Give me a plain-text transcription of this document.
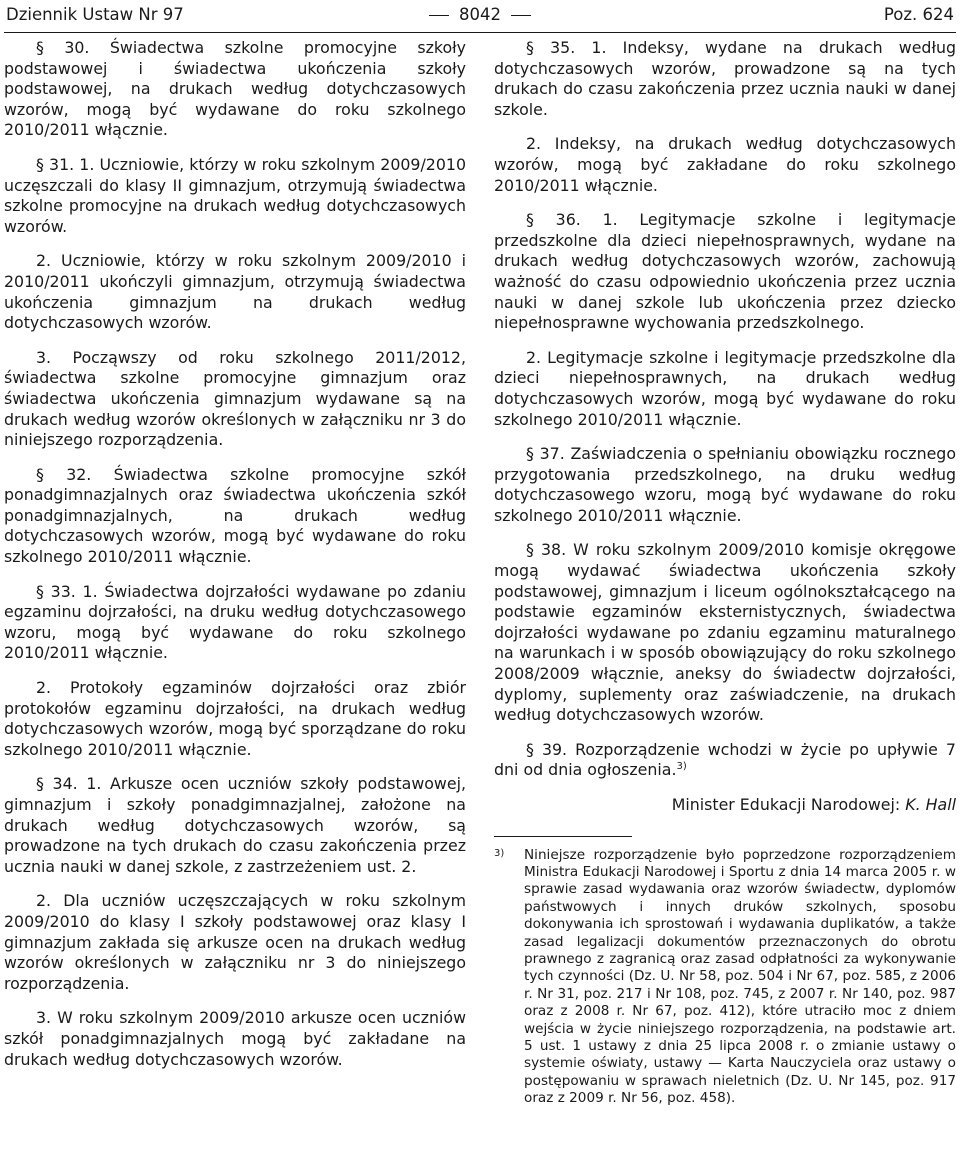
Dziennik Ustaw Nr 97	8042	Poz. 624

§ 30. Świadectwa szkolne promocyjne szkoły podstawowej i świadectwa ukończenia szkoły podstawowej, na drukach według dotychczasowych wzorów, mogą być wydawane do roku szkolnego 2010/2011 włącznie.

§ 31. 1. Uczniowie, którzy w roku szkolnym 2009/2010 uczęszczali do klasy II gimnazjum, otrzymują świadectwa szkolne promocyjne na drukach według dotychczasowych wzorów.

2. Uczniowie, którzy w roku szkolnym 2009/2010 i 2010/2011 ukończyli gimnazjum, otrzymują świadectwa ukończenia gimnazjum na drukach według dotychczasowych wzorów.

3. Począwszy od roku szkolnego 2011/2012, świadectwa szkolne promocyjne gimnazjum oraz świadectwa ukończenia gimnazjum wydawane są na drukach według wzorów określonych w załączniku nr 3 do niniejszego rozporządzenia.

§ 32. Świadectwa szkolne promocyjne szkół ponadgimnazjalnych oraz świadectwa ukończenia szkół ponadgimnazjalnych, na drukach według dotychczasowych wzorów, mogą być wydawane do roku szkolnego 2010/2011 włącznie.

§ 33. 1. Świadectwa dojrzałości wydawane po zdaniu egzaminu dojrzałości, na druku według dotychczasowego wzoru, mogą być wydawane do roku szkolnego 2010/2011 włącznie.

2. Protokoły egzaminów dojrzałości oraz zbiór protokołów egzaminu dojrzałości, na drukach według dotychczasowych wzorów, mogą być sporządzane do roku szkolnego 2010/2011 włącznie.

§ 34. 1. Arkusze ocen uczniów szkoły podstawowej, gimnazjum i szkoły ponadgimnazjalnej, założone na drukach według dotychczasowych wzorów, są prowadzone na tych drukach do czasu zakończenia przez ucznia nauki w danej szkole, z zastrzeżeniem ust. 2.

2. Dla uczniów uczęszczających w roku szkolnym 2009/2010 do klasy I szkoły podstawowej oraz klasy I gimnazjum zakłada się arkusze ocen na drukach według wzorów określonych w załączniku nr 3 do niniejszego rozporządzenia.

3. W roku szkolnym 2009/2010 arkusze ocen uczniów szkół ponadgimnazjalnych mogą być zakładane na drukach według dotychczasowych wzorów.

§ 35. 1. Indeksy, wydane na drukach według dotychczasowych wzorów, prowadzone są na tych drukach do czasu zakończenia przez ucznia nauki w danej szkole.

2. Indeksy, na drukach według dotychczasowych wzorów, mogą być zakładane do roku szkolnego 2010/2011 włącznie.

§ 36. 1. Legitymacje szkolne i legitymacje przedszkolne dla dzieci niepełnosprawnych, wydane na drukach według dotychczasowych wzorów, zachowują ważność do czasu odpowiednio ukończenia przez ucznia nauki w danej szkole lub ukończenia przez dziecko niepełnosprawne wychowania przedszkolnego.

2. Legitymacje szkolne i legitymacje przedszkolne dla dzieci niepełnosprawnych, na drukach według dotychczasowych wzorów, mogą być wydawane do roku szkolnego 2010/2011 włącznie.

§ 37. Zaświadczenia o spełnianiu obowiązku rocznego przygotowania przedszkolnego, na druku według dotychczasowego wzoru, mogą być wydawane do roku szkolnego 2010/2011 włącznie.

§ 38. W roku szkolnym 2009/2010 komisje okręgowe mogą wydawać świadectwa ukończenia szkoły podstawowej, gimnazjum i liceum ogólnokształcącego na podstawie egzaminów eksternistycznych, świadectwa dojrzałości wydawane po zdaniu egzaminu maturalnego na warunkach i w sposób obowiązujący do roku szkolnego 2008/2009 włącznie, aneksy do świadectw dojrzałości, dyplomy, suplementy oraz zaświadczenie, na drukach według dotychczasowych wzorów.

§ 39. Rozporządzenie wchodzi w życie po upływie 7 dni od dnia ogłoszenia.$^{3)}$

Minister Edukacji Narodowej: K. Hall

3) Niniejsze rozporządzenie było poprzedzone rozporządzeniem Ministra Edukacji Narodowej i Sportu z dnia 14 marca 2005 r. w sprawie zasad wydawania oraz wzorów świadectw, dyplomów państwowych i innych druków szkolnych, sposobu dokonywania ich sprostowań i wydawania duplikatów, a także zasad legalizacji dokumentów przeznaczonych do obrotu prawnego z zagranicą oraz zasad odpłatności za wykonywanie tych czynności (Dz. U. Nr 58, poz. 504 i Nr 67, poz. 585, z 2006 r. Nr 31, poz. 217 i Nr 108, poz. 745, z 2007 r. Nr 140, poz. 987 oraz z 2008 r. Nr 67, poz. 412), które utraciło moc z dniem wejścia w życie niniejszego rozporządzenia, na podstawie art. 5 ust. 1 ustawy z dnia 25 lipca 2008 r. o zmianie ustawy o systemie oświaty, ustawy — Karta Nauczyciela oraz ustawy o postępowaniu w sprawach nieletnich (Dz. U. Nr 145, poz. 917 oraz z 2009 r. Nr 56, poz. 458).
